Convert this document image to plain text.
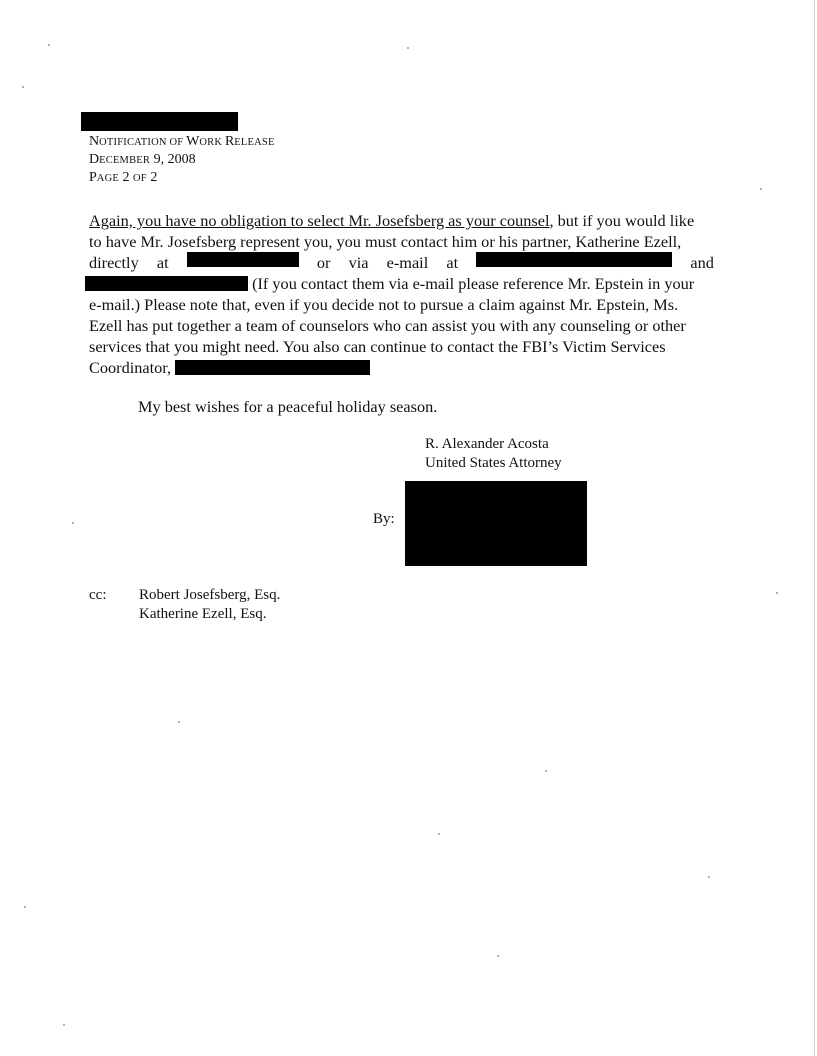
NOTIFICATION OF WORK RELEASE
DECEMBER 9, 2008
PAGE 2 OF 2
Again, you have no obligation to select Mr. Josefsberg as your counsel, but if you would like
to have Mr. Josefsberg represent you, you must contact him or his partner, Katherine Ezell,
directly at	or via e-mail at	and
(If you contact them via e-mail please reference Mr. Epstein in your
e-mail.) Please note that, even if you decide not to pursue a claim against Mr. Epstein, Ms.
Ezell has put together a team of counselors who can assist you with any counseling or other
services that you might need. You also can continue to contact the FBI’s Victim Services
Coordinator,
My best wishes for a peaceful holiday season.
R. Alexander Acosta
United States Attorney
By:
cc: Robert Josefsberg, Esq.
Katherine Ezell, Esq.
